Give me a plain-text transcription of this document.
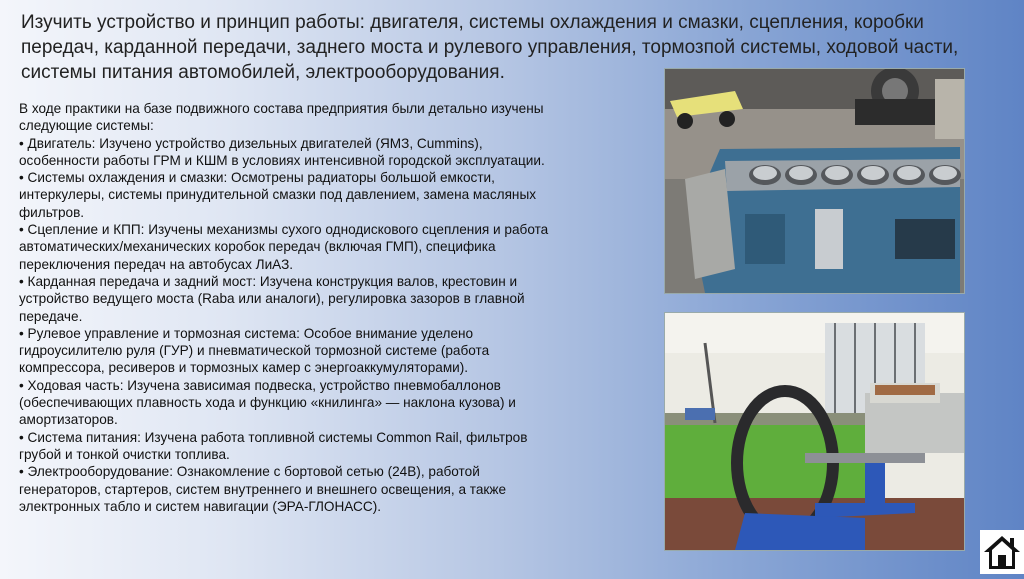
Изучить устройство и принцип работы: двигателя, системы охлаждения и смазки, сцепления, коробки передач, карданной передачи, заднего моста и рулевого управления, тормозпой системы, ходовой части, системы питания автомобилей, электрооборудования.
В ходе практики на базе подвижного состава предприятия были детально изучены следующие системы:
• Двигатель: Изучено устройство дизельных двигателей (ЯМЗ, Cummins), особенности работы ГРМ и КШМ в условиях интенсивной городской эксплуатации.
• Системы охлаждения и смазки: Осмотрены радиаторы большой емкости, интеркулеры, системы принудительной смазки под давлением, замена масляных фильтров.
• Сцепление и КПП: Изучены механизмы сухого однодискового сцепления и работа автоматических/механических коробок передач (включая ГМП), специфика переключения передач на автобусах ЛиАЗ.
• Карданная передача и задний мост: Изучена конструкция валов, крестовин и устройство ведущего моста (Raba или аналоги), регулировка зазоров в главной передаче.
• Рулевое управление и тормозная система: Особое внимание уделено гидроусилителю руля (ГУР) и пневматической тормозной системе (работа компрессора, ресиверов и тормозных камер с энергоаккумуляторами).
• Ходовая часть: Изучена зависимая подвеска, устройство пневмобаллонов (обеспечивающих плавность хода и функцию «книлинга» — наклона кузова) и амортизаторов.
• Система питания: Изучена работа топливной системы Common Rail, фильтров грубой и тонкой очистки топлива.
• Электрооборудование: Ознакомление с бортовой сетью (24В), работой генераторов, стартеров, систем внутреннего и внешнего освещения, а также электронных табло и систем навигации (ЭРА-ГЛОНАСС).
